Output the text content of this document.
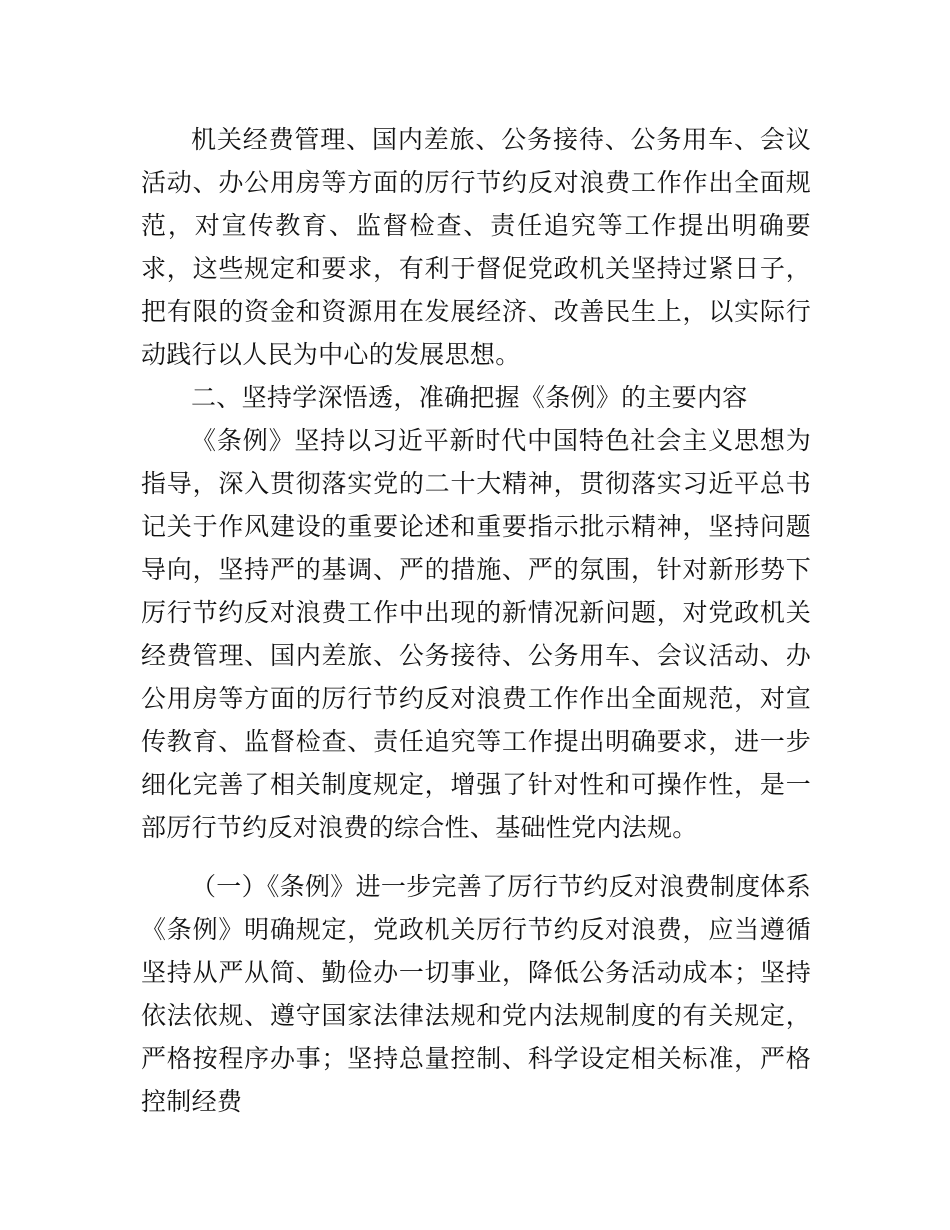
机关经费管理、国内差旅、公务接待、公务用车、会议活动、办公用房等方面的厉行节约反对浪费工作作出全面规范，对宣传教育、监督检查、责任追究等工作提出明确要求，这些规定和要求，有利于督促党政机关坚持过紧日子，把有限的资金和资源用在发展经济、改善民生上，以实际行动践行以人民为中心的发展思想。

二、坚持学深悟透，准确把握《条例》的主要内容

《条例》坚持以习近平新时代中国特色社会主义思想为指导，深入贯彻落实党的二十大精神，贯彻落实习近平总书记关于作风建设的重要论述和重要指示批示精神，坚持问题导向，坚持严的基调、严的措施、严的氛围，针对新形势下厉行节约反对浪费工作中出现的新情况新问题，对党政机关经费管理、国内差旅、公务接待、公务用车、会议活动、办公用房等方面的厉行节约反对浪费工作作出全面规范，对宣传教育、监督检查、责任追究等工作提出明确要求，进一步细化完善了相关制度规定，增强了针对性和可操作性，是一部厉行节约反对浪费的综合性、基础性党内法规。

（一）《条例》进一步完善了厉行节约反对浪费制度体系

《条例》明确规定，党政机关厉行节约反对浪费，应当遵循坚持从严从简、勤俭办一切事业，降低公务活动成本；坚持依法依规、遵守国家法律法规和党内法规制度的有关规定，严格按程序办事；坚持总量控制、科学设定相关标准，严格控制经费
